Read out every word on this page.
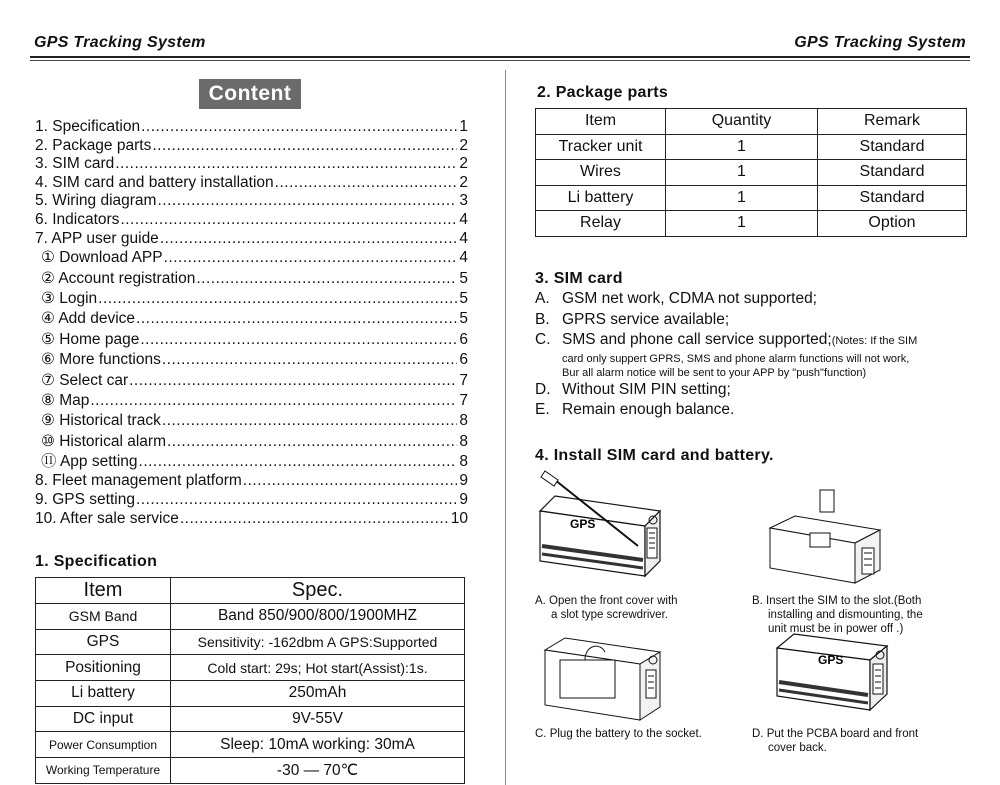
GPS Tracking System	GPS Tracking System
Content
1. Specification .....	1
2. Package parts .....	2
3. SIM card .....	2
4. SIM card and battery installation .....	2
5. Wiring diagram .....	3
6. Indicators .....	4
7. APP user guide .....	4
① Download APP .....	4
② Account registration .....	5
③ Login .....	5
④ Add device .....	5
⑤ Home page .....	6
⑥ More functions .....	6
⑦ Select car .....	7
⑧ Map .....	7
⑨ Historical track .....	8
⑩ Historical alarm .....	8
⑪ App setting .....	8
8. Fleet management platform .....	9
9. GPS setting .....	9
10. After sale service .....	10
1. Specification
Item	Spec.
GSM Band	Band 850/900/800/1900MHZ
GPS	Sensitivity: -162dbm A GPS:Supported
Positioning	Cold start: 29s; Hot start(Assist):1s.
Li battery	250mAh
DC input	9V-55V
Power Consumption	Sleep: 10mA working: 30mA
Working Temperature	-30 — 70℃
2. Package parts
Item	Quantity	Remark
Tracker unit	1	Standard
Wires	1	Standard
Li battery	1	Standard
Relay	1	Option
3. SIM card
A. GSM net work, CDMA not supported;
B. GPRS service available;
C. SMS and phone call service supported;(Notes: If the SIM
card only suppert GPRS, SMS and phone alarm functions will not work,
Bur all alarm notice will be sent to your APP by "push"function)
D. Without SIM PIN setting;
E. Remain enough balance.
4. Install SIM card and battery.
GPS
A. Open the front cover with
a slot type screwdriver.
B. Insert the SIM to the slot.(Both
installing and dismounting, the
unit must be in power off .)
C. Plug the battery to the socket.
GPS
D. Put the PCBA board and front
cover back.
